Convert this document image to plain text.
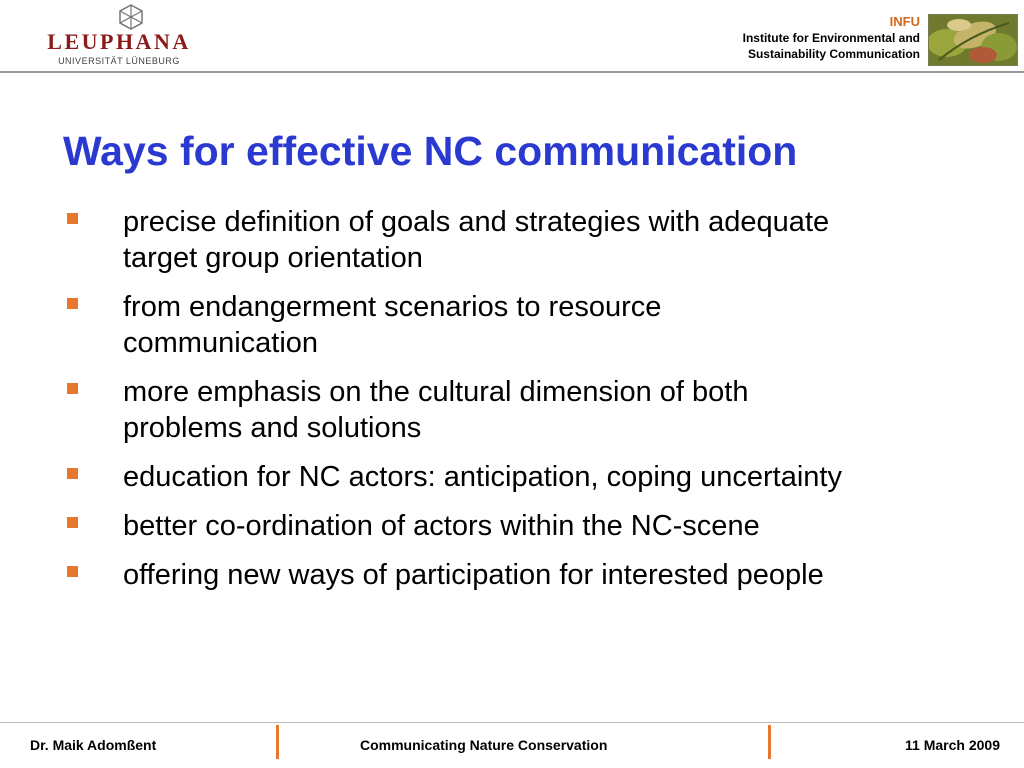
LEUPHANA
UNIVERSITÄT LÜNEBURG
INFU
Institute for Environmental and
Sustainability Communication
Ways for effective NC communication
precise definition of goals and strategies with adequate
target group orientation
from endangerment scenarios to resource
communication
more emphasis on the cultural dimension of both
problems and solutions
education for NC actors: anticipation, coping uncertainty
better co-ordination of actors within the NC-scene
offering new ways of participation for interested people
Dr. Maik Adomßent	Communicating Nature Conservation	11 March 2009
